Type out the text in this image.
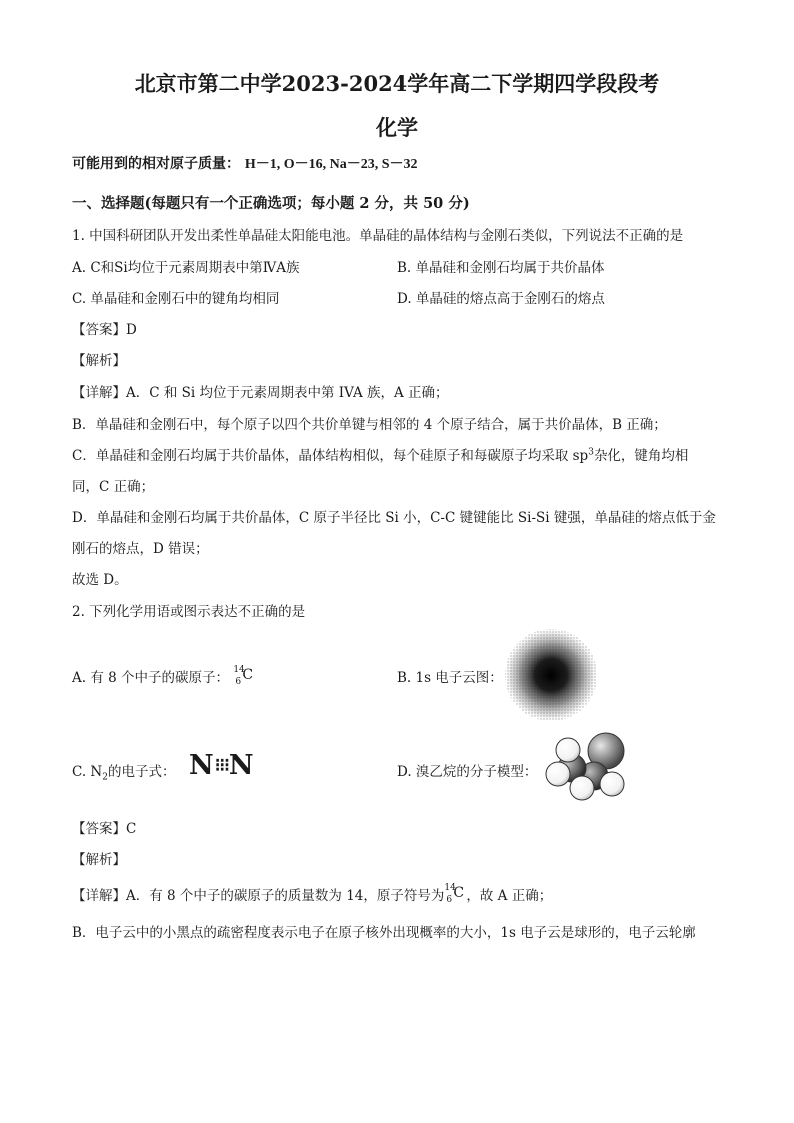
北京市第二中学2023-2024学年高二下学期四学段段考
化学
可能用到的相对原子质量： H－1, O－16, Na－23, S－32
一、选择题(每题只有一个正确选项；每小题 2 分，共 50 分)
1. 中国科研团队开发出柔性单晶硅太阳能电池。单晶硅的晶体结构与金刚石类似，下列说法不正确的是
A. C和Si均位于元素周期表中第ⅣA族	B. 单晶硅和金刚石均属于共价晶体
C. 单晶硅和金刚石中的键角均相同	D. 单晶硅的熔点高于金刚石的熔点
【答案】D
【解析】
【详解】A．C 和 Si 均位于元素周期表中第 IVA 族，A 正确；
B．单晶硅和金刚石中，每个原子以四个共价单键与相邻的 4 个原子结合，属于共价晶体，B 正确；
C．单晶硅和金刚石均属于共价晶体，晶体结构相似，每个硅原子和每碳原子均采取 $sp^3$杂化，键角均相
同，C 正确；
D．单晶硅和金刚石均属于共价晶体，C 原子半径比 Si 小，C-C 键键能比 Si-Si 键强，单晶硅的熔点低于金
刚石的熔点，D 错误；
故选 D。
2. 下列化学用语或图示表达不正确的是
A. 有 8 个中子的碳原子： 14
6 C	B. 1s 电子云图：
C. $N_2$的电子式： N⁝⁝⁝N	D. 溴乙烷的分子模型：
【答案】C
【解析】
【详解】A．有 8 个中子的碳原子的质量数为 14，原子符号为 14
6 C ，故 A 正确；
B．电子云中的小黑点的疏密程度表示电子在原子核外出现概率的大小，1s 电子云是球形的，电子云轮廓
